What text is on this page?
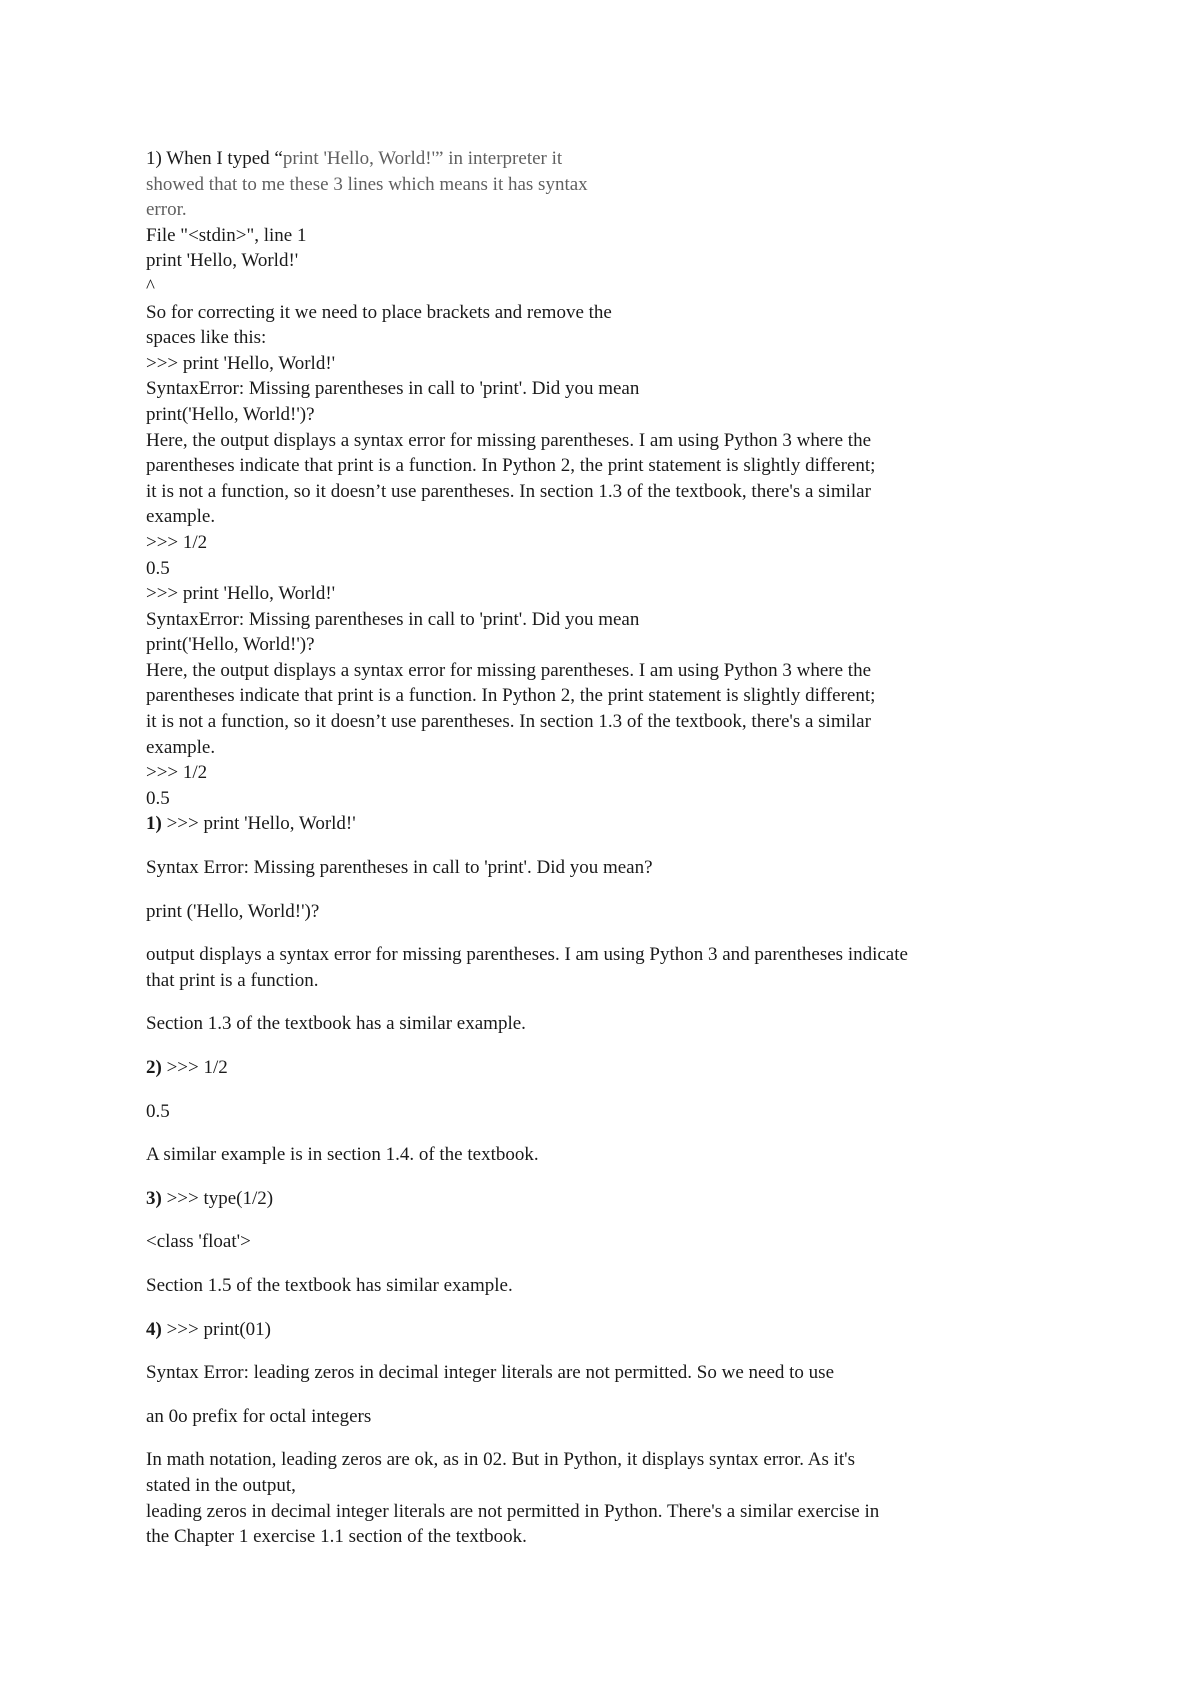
1) When I typed “print 'Hello, World!'” in interpreter it
showed that to me these 3 lines which means it has syntax
error.
File "<stdin>", line 1
print 'Hello, World!'
^
So for correcting it we need to place brackets and remove the
spaces like this:
>>> print 'Hello, World!'
SyntaxError: Missing parentheses in call to 'print'. Did you mean
print('Hello, World!')?
Here, the output displays a syntax error for missing parentheses. I am using Python 3 where the
parentheses indicate that print is a function. In Python 2, the print statement is slightly different;
it is not a function, so it doesn’t use parentheses. In section 1.3 of the textbook, there's a similar
example.
>>> 1/2
0.5
>>> print 'Hello, World!'
SyntaxError: Missing parentheses in call to 'print'. Did you mean
print('Hello, World!')?
Here, the output displays a syntax error for missing parentheses. I am using Python 3 where the
parentheses indicate that print is a function. In Python 2, the print statement is slightly different;
it is not a function, so it doesn’t use parentheses. In section 1.3 of the textbook, there's a similar
example.
>>> 1/2
0.5
1) >>> print 'Hello, World!'
Syntax Error: Missing parentheses in call to 'print'. Did you mean?
print ('Hello, World!')?
output displays a syntax error for missing parentheses. I am using Python 3 and parentheses indicate
that print is a function.
Section 1.3 of the textbook has a similar example.
2) >>> 1/2
0.5
A similar example is in section 1.4. of the textbook.
3) >>> type(1/2)
<class 'float'>
Section 1.5 of the textbook has similar example.
4) >>> print(01)
Syntax Error: leading zeros in decimal integer literals are not permitted. So we need to use
an 0o prefix for octal integers
In math notation, leading zeros are ok, as in 02. But in Python, it displays syntax error. As it's
stated in the output,
leading zeros in decimal integer literals are not permitted in Python. There's a similar exercise in
the Chapter 1 exercise 1.1 section of the textbook.
